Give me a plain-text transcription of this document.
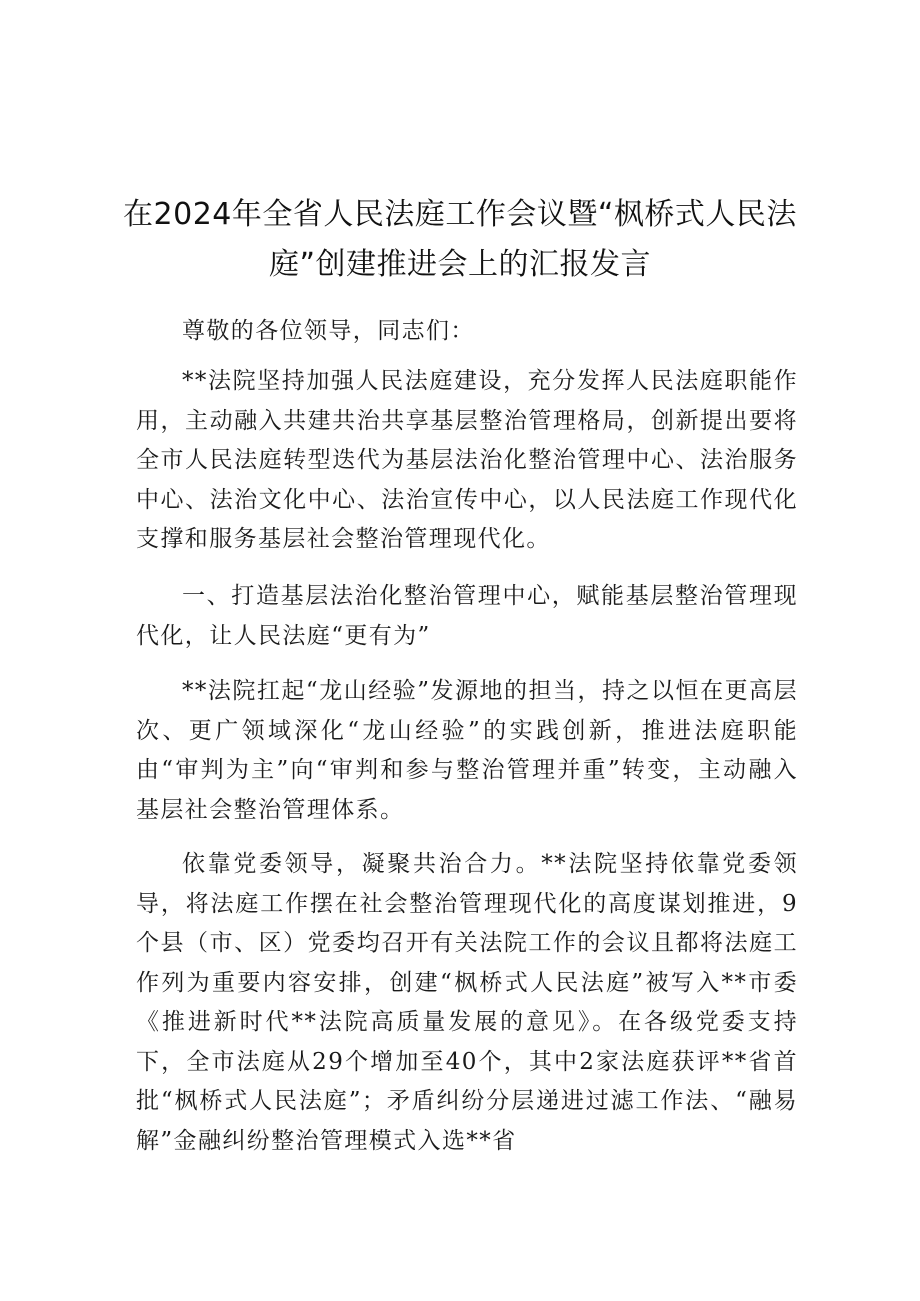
在2024年全省人民法庭工作会议暨“枫桥式人民法庭”创建推进会上的汇报发言

尊敬的各位领导，同志们：

**法院坚持加强人民法庭建设，充分发挥人民法庭职能作用，主动融入共建共治共享基层整治管理格局，创新提出要将全市人民法庭转型迭代为基层法治化整治管理中心、法治服务中心、法治文化中心、法治宣传中心，以人民法庭工作现代化支撑和服务基层社会整治管理现代化。

一、打造基层法治化整治管理中心，赋能基层整治管理现代化，让人民法庭“更有为”

**法院扛起“龙山经验”发源地的担当，持之以恒在更高层次、更广领域深化“龙山经验”的实践创新，推进法庭职能由“审判为主”向“审判和参与整治管理并重”转变，主动融入基层社会整治管理体系。

依靠党委领导，凝聚共治合力。**法院坚持依靠党委领导，将法庭工作摆在社会整治管理现代化的高度谋划推进，9个县（市、区）党委均召开有关法院工作的会议且都将法庭工作列为重要内容安排，创建“枫桥式人民法庭”被写入**市委《推进新时代**法院高质量发展的意见》。在各级党委支持下，全市法庭从29个增加至40个，其中2家法庭获评**省首批“枫桥式人民法庭”；矛盾纠纷分层递进过滤工作法、“融易解”金融纠纷整治管理模式入选**省
